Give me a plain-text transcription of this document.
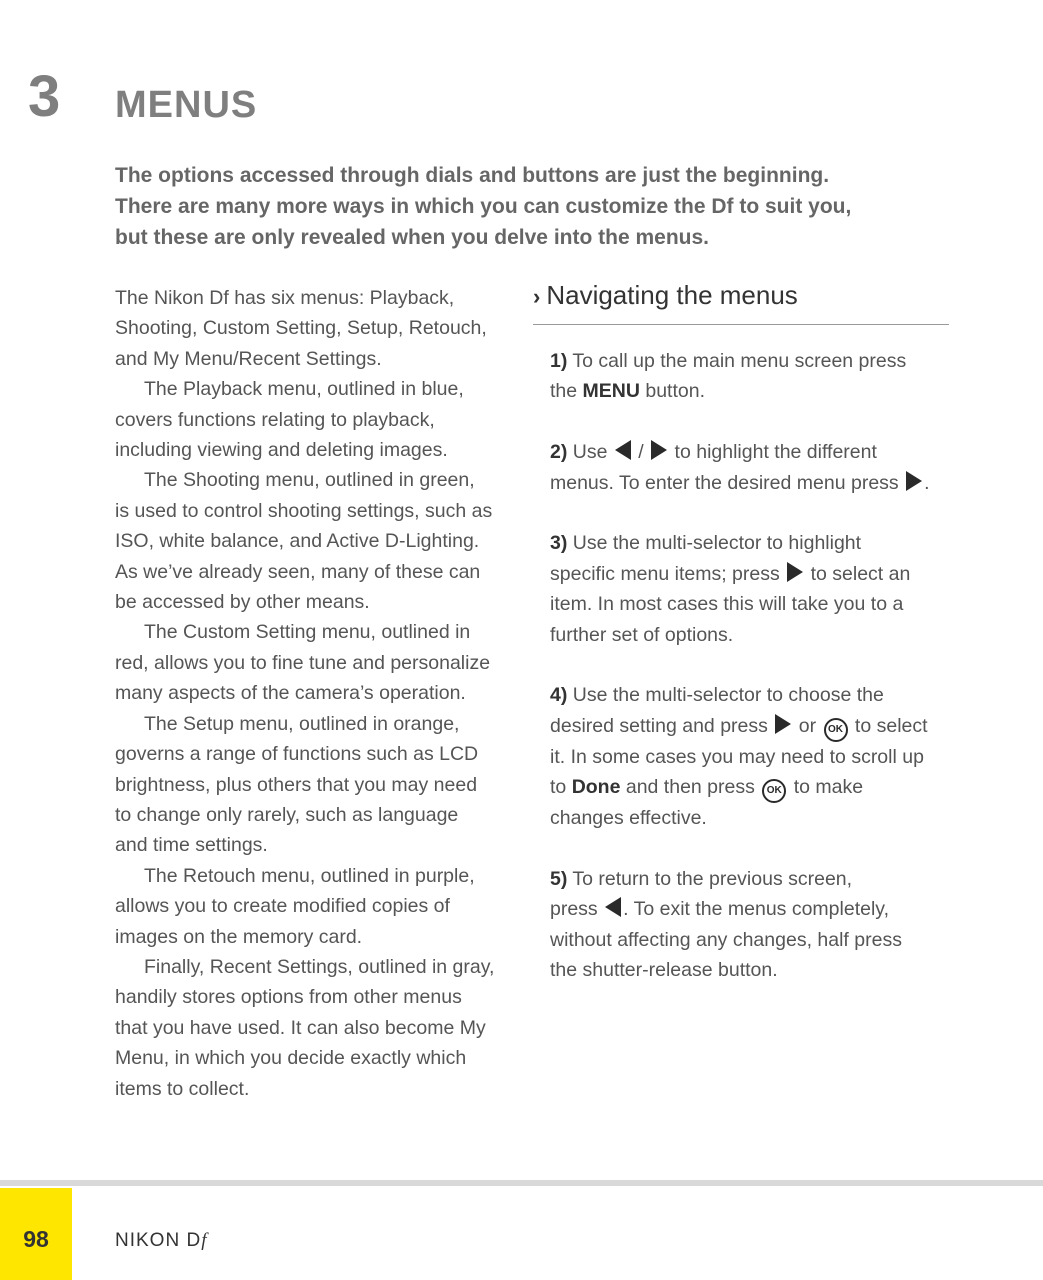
3 MENUS
The options accessed through dials and buttons are just the beginning.
There are many more ways in which you can customize the Df to suit you,
but these are only revealed when you delve into the menus.
The Nikon Df has six menus: Playback,
Shooting, Custom Setting, Setup, Retouch,
and My Menu/Recent Settings.
The Playback menu, outlined in blue,
covers functions relating to playback,
including viewing and deleting images.
The Shooting menu, outlined in green,
is used to control shooting settings, such as
ISO, white balance, and Active D-Lighting.
As we’ve already seen, many of these can
be accessed by other means.
The Custom Setting menu, outlined in
red, allows you to fine tune and personalize
many aspects of the camera’s operation.
The Setup menu, outlined in orange,
governs a range of functions such as LCD
brightness, plus others that you may need
to change only rarely, such as language
and time settings.
The Retouch menu, outlined in purple,
allows you to create modified copies of
images on the memory card.
Finally, Recent Settings, outlined in gray,
handily stores options from other menus
that you have used. It can also become My
Menu, in which you decide exactly which
items to collect.
› Navigating the menus
1) To call up the main menu screen press
the MENU button.
2) Use  /  to highlight the different
menus. To enter the desired menu press .
3) Use the multi-selector to highlight
specific menu items; press  to select an
item. In most cases this will take you to a
further set of options.
4) Use the multi-selector to choose the
desired setting and press  or OK to select
it. In some cases you may need to scroll up
to Done and then press OK to make
changes effective.
5) To return to the previous screen,
press . To exit the menus completely,
without affecting any changes, half press
the shutter-release button.
98	NIKON Df
